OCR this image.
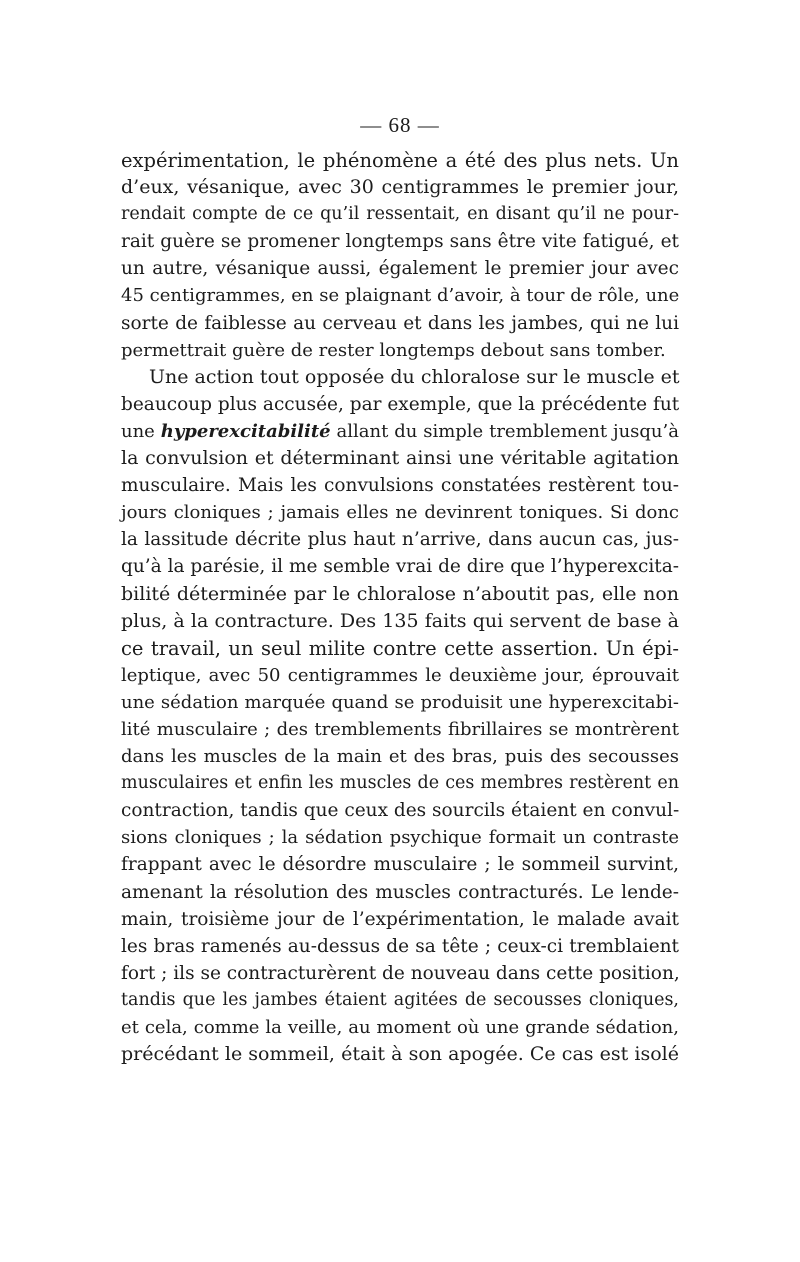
— 68 —
expérimentation, le phénomène a été des plus nets. Un
d’eux, vésanique, avec 30 centigrammes le premier jour,
rendait compte de ce qu’il ressentait, en disant qu’il ne pour-
rait guère se promener longtemps sans être vite fatigué, et
un autre, vésanique aussi, également le premier jour avec
45 centigrammes, en se plaignant d’avoir, à tour de rôle, une
sorte de faiblesse au cerveau et dans les jambes, qui ne lui
permettrait guère de rester longtemps debout sans tomber.
Une action tout opposée du chloralose sur le muscle et
beaucoup plus accusée, par exemple, que la précédente fut
une hyperexcitabilité allant du simple tremblement jusqu’à
la convulsion et déterminant ainsi une véritable agitation
musculaire. Mais les convulsions constatées restèrent tou-
jours cloniques ; jamais elles ne devinrent toniques. Si donc
la lassitude décrite plus haut n’arrive, dans aucun cas, jus-
qu’à la parésie, il me semble vrai de dire que l’hyperexcita-
bilité déterminée par le chloralose n’aboutit pas, elle non
plus, à la contracture. Des 135 faits qui servent de base à
ce travail, un seul milite contre cette assertion. Un épi-
leptique, avec 50 centigrammes le deuxième jour, éprouvait
une sédation marquée quand se produisit une hyperexcitabi-
lité musculaire ; des tremblements fibrillaires se montrèrent
dans les muscles de la main et des bras, puis des secousses
musculaires et enfin les muscles de ces membres restèrent en
contraction, tandis que ceux des sourcils étaient en convul-
sions cloniques ; la sédation psychique formait un contraste
frappant avec le désordre musculaire ; le sommeil survint,
amenant la résolution des muscles contracturés. Le lende-
main, troisième jour de l’expérimentation, le malade avait
les bras ramenés au-dessus de sa tête ; ceux-ci tremblaient
fort ; ils se contracturèrent de nouveau dans cette position,
tandis que les jambes étaient agitées de secousses cloniques,
et cela, comme la veille, au moment où une grande sédation,
précédant le sommeil, était à son apogée. Ce cas est isolé
